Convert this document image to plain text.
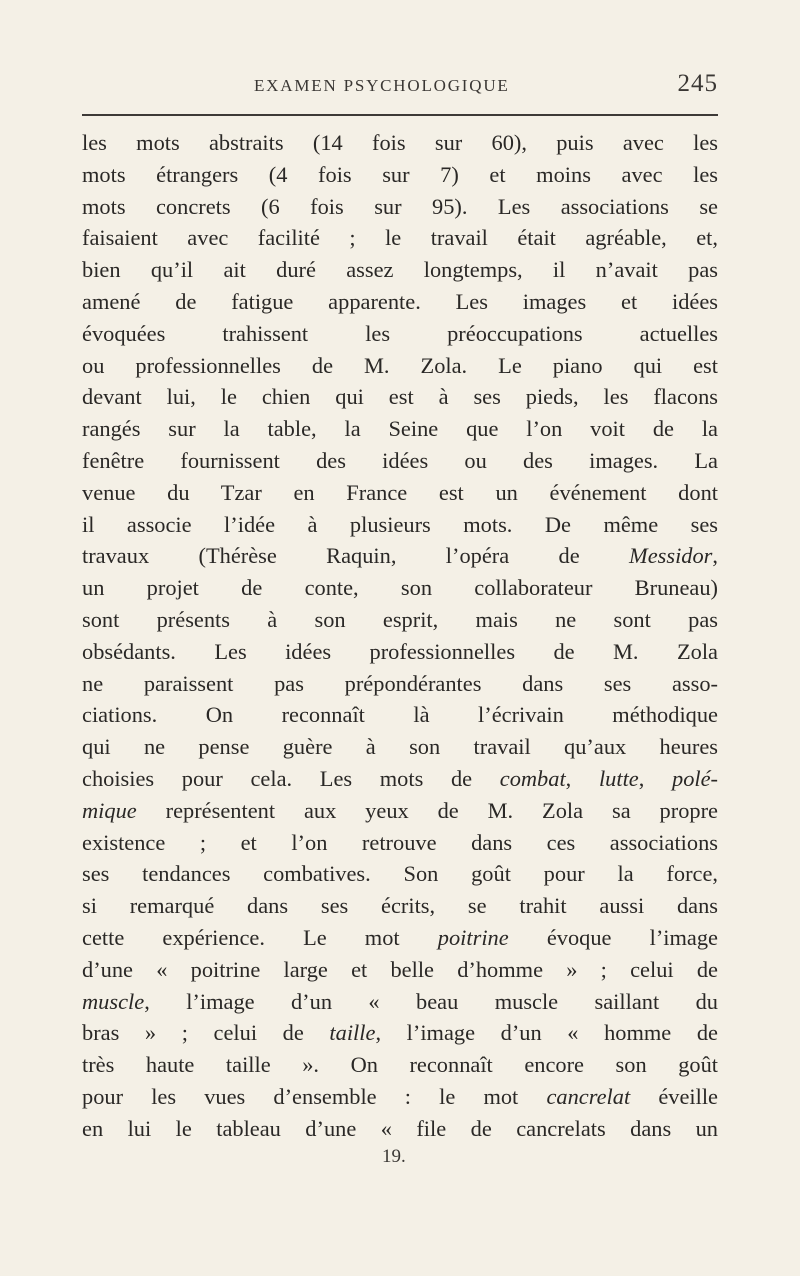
EXAMEN PSYCHOLOGIQUE	245
les mots abstraits (14 fois sur 60), puis avec les
mots étrangers (4 fois sur 7) et moins avec les
mots concrets (6 fois sur 95). Les associations se
faisaient avec facilité ; le travail était agréable, et,
bien qu’il ait duré assez longtemps, il n’avait pas
amené de fatigue apparente. Les images et idées
évoquées trahissent les préoccupations actuelles
ou professionnelles de M. Zola. Le piano qui est
devant lui, le chien qui est à ses pieds, les flacons
rangés sur la table, la Seine que l’on voit de la
fenêtre fournissent des idées ou des images. La
venue du Tzar en France est un événement dont
il associe l’idée à plusieurs mots. De même ses
travaux (Thérèse Raquin, l’opéra de Messidor,
un projet de conte, son collaborateur Bruneau)
sont présents à son esprit, mais ne sont pas
obsédants. Les idées professionnelles de M. Zola
ne paraissent pas prépondérantes dans ses asso-
ciations. On reconnaît là l’écrivain méthodique
qui ne pense guère à son travail qu’aux heures
choisies pour cela. Les mots de combat, lutte, polé-
mique représentent aux yeux de M. Zola sa propre
existence ; et l’on retrouve dans ces associations
ses tendances combatives. Son goût pour la force,
si remarqué dans ses écrits, se trahit aussi dans
cette expérience. Le mot poitrine évoque l’image
d’une « poitrine large et belle d’homme » ; celui de
muscle, l’image d’un « beau muscle saillant du
bras » ; celui de taille, l’image d’un « homme de
très haute taille ». On reconnaît encore son goût
pour les vues d’ensemble : le mot cancrelat éveille
en lui le tableau d’une « file de cancrelats dans un
19.
